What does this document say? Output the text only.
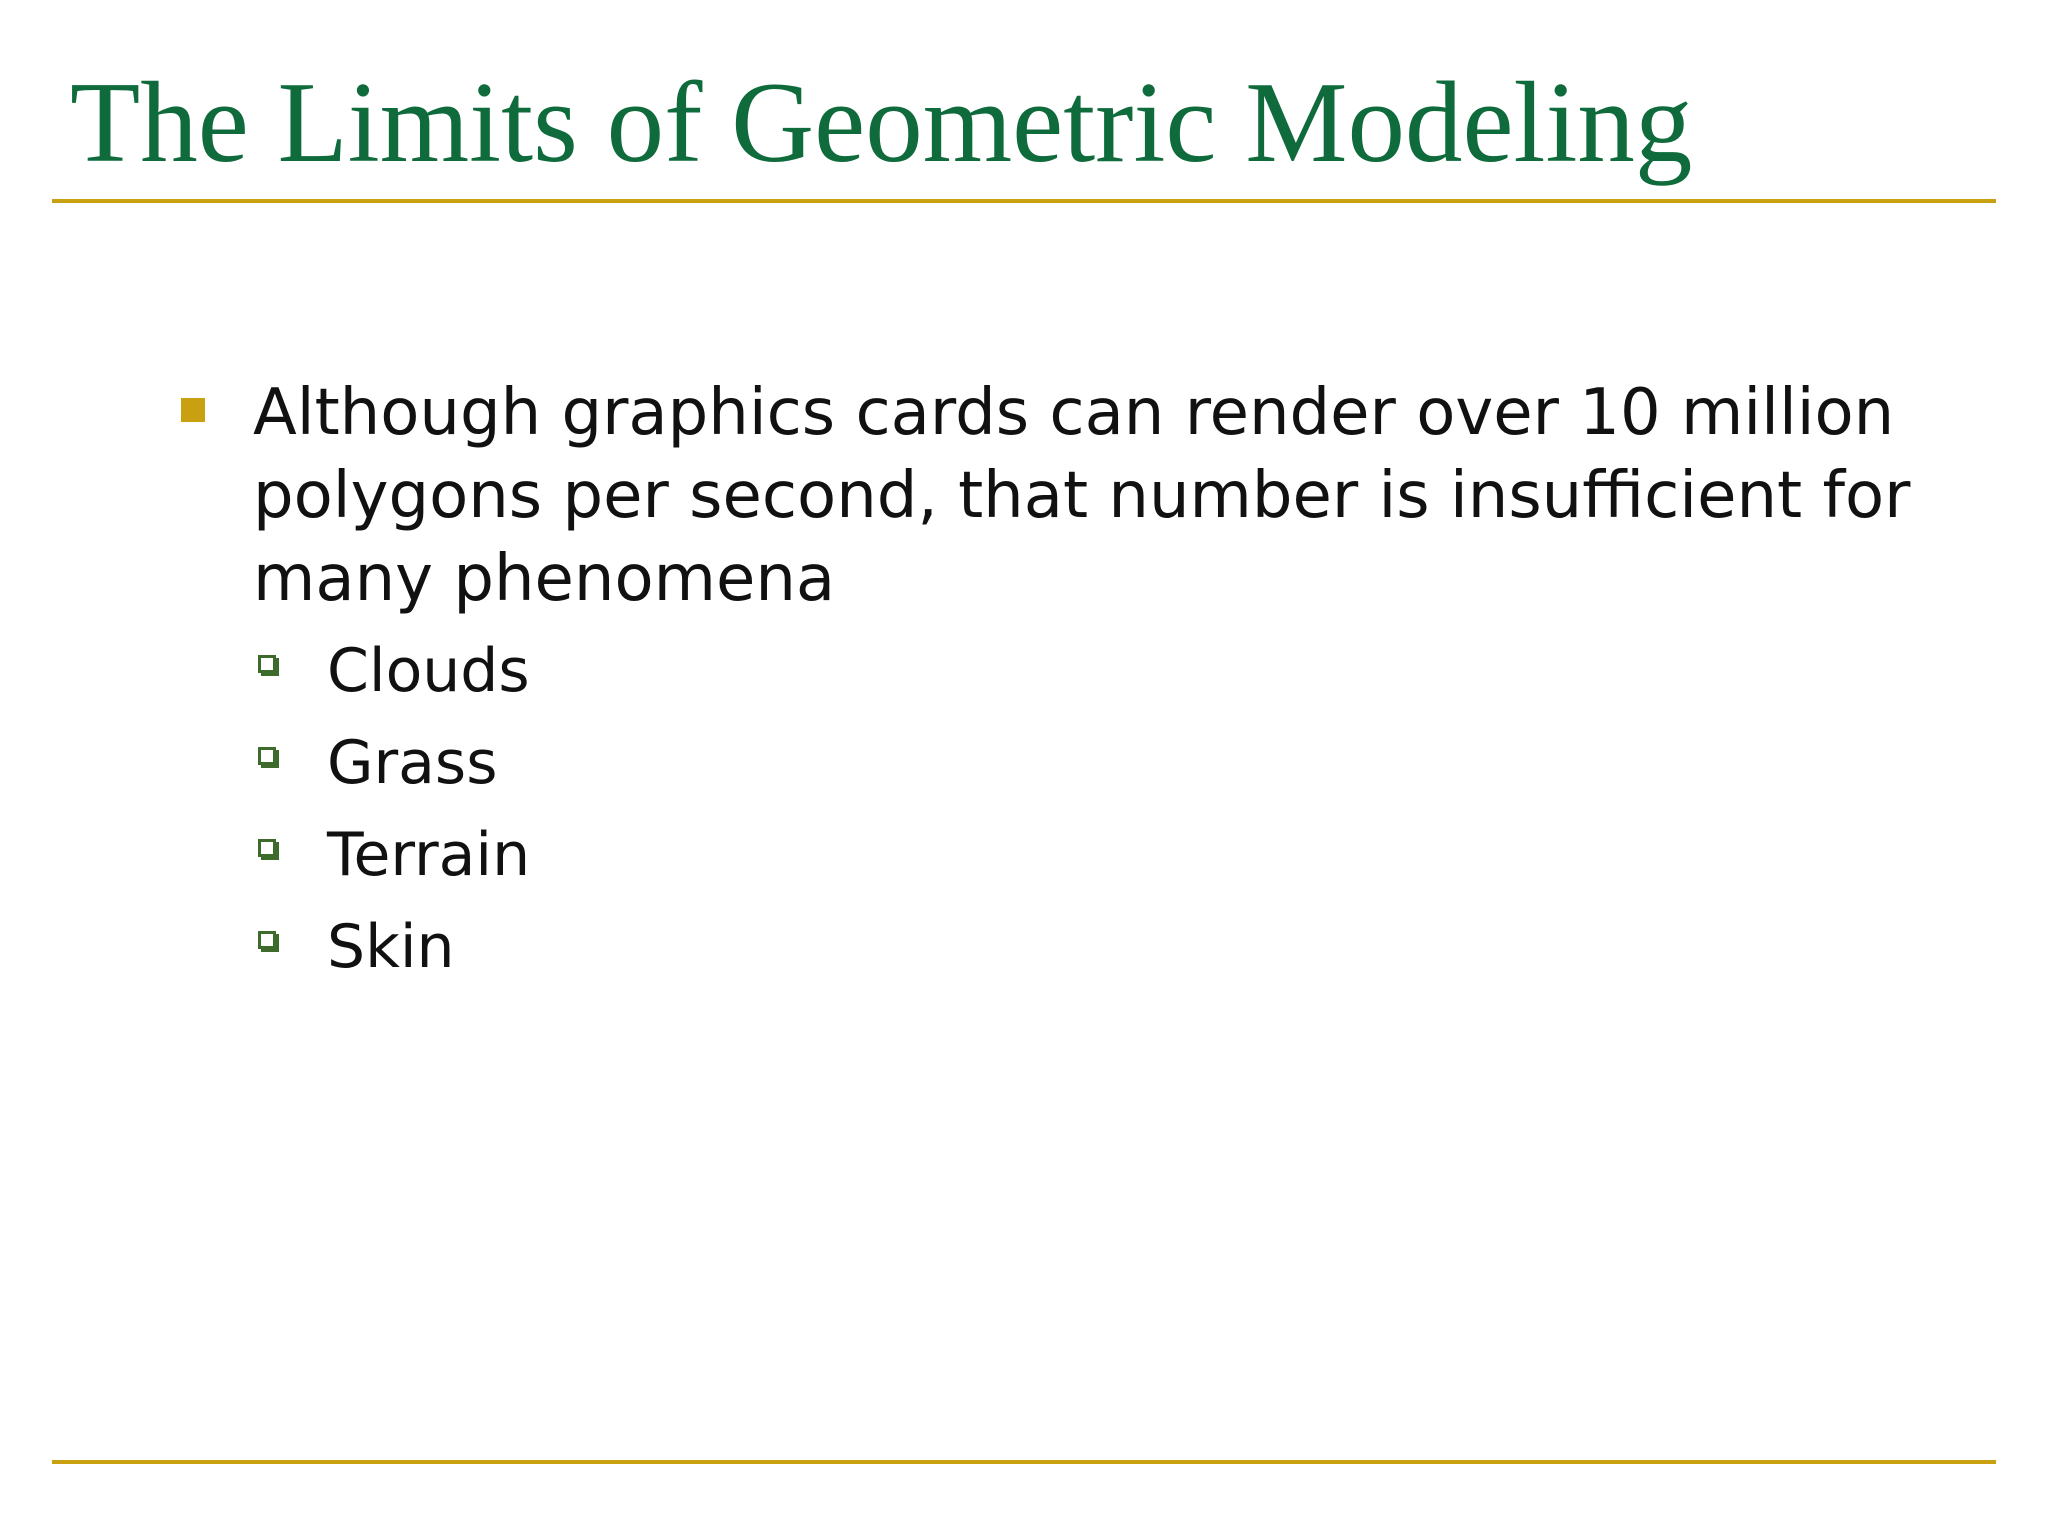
The Limits of Geometric Modeling
Although graphics cards can render over 10 million polygons per second, that number is insufficient for many phenomena
Clouds
Grass
Terrain
Skin
